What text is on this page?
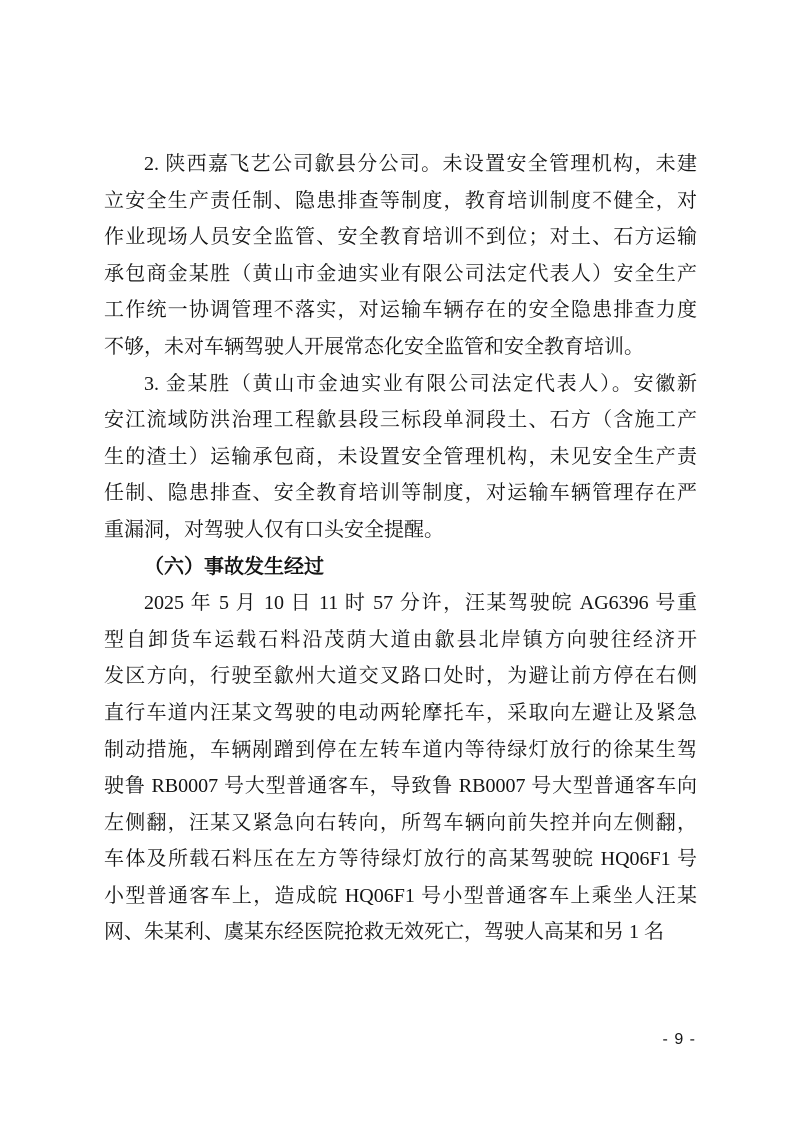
2. 陕西嘉飞艺公司歙县分公司。未设置安全管理机构，未建
立安全生产责任制、隐患排查等制度，教育培训制度不健全，对
作业现场人员安全监管、安全教育培训不到位；对土、石方运输
承包商金某胜（黄山市金迪实业有限公司法定代表人）安全生产
工作统一协调管理不落实，对运输车辆存在的安全隐患排查力度
不够，未对车辆驾驶人开展常态化安全监管和安全教育培训。
3. 金某胜（黄山市金迪实业有限公司法定代表人）。安徽新
安江流域防洪治理工程歙县段三标段单洞段土、石方（含施工产
生的渣土）运输承包商，未设置安全管理机构，未见安全生产责
任制、隐患排查、安全教育培训等制度，对运输车辆管理存在严
重漏洞，对驾驶人仅有口头安全提醒。
（六）事故发生经过
2025 年 5 月 10 日 11 时 57 分许，汪某驾驶皖 AG6396 号重
型自卸货车运载石料沿茂荫大道由歙县北岸镇方向驶往经济开
发区方向，行驶至歙州大道交叉路口处时，为避让前方停在右侧
直行车道内汪某文驾驶的电动两轮摩托车，采取向左避让及紧急
制动措施，车辆剐蹭到停在左转车道内等待绿灯放行的徐某生驾
驶鲁 RB0007 号大型普通客车，导致鲁 RB0007 号大型普通客车向
左侧翻，汪某又紧急向右转向，所驾车辆向前失控并向左侧翻，
车体及所载石料压在左方等待绿灯放行的高某驾驶皖 HQ06F1 号
小型普通客车上，造成皖 HQ06F1 号小型普通客车上乘坐人汪某
网、朱某利、虞某东经医院抢救无效死亡，驾驶人高某和另 1 名
- 9 -
